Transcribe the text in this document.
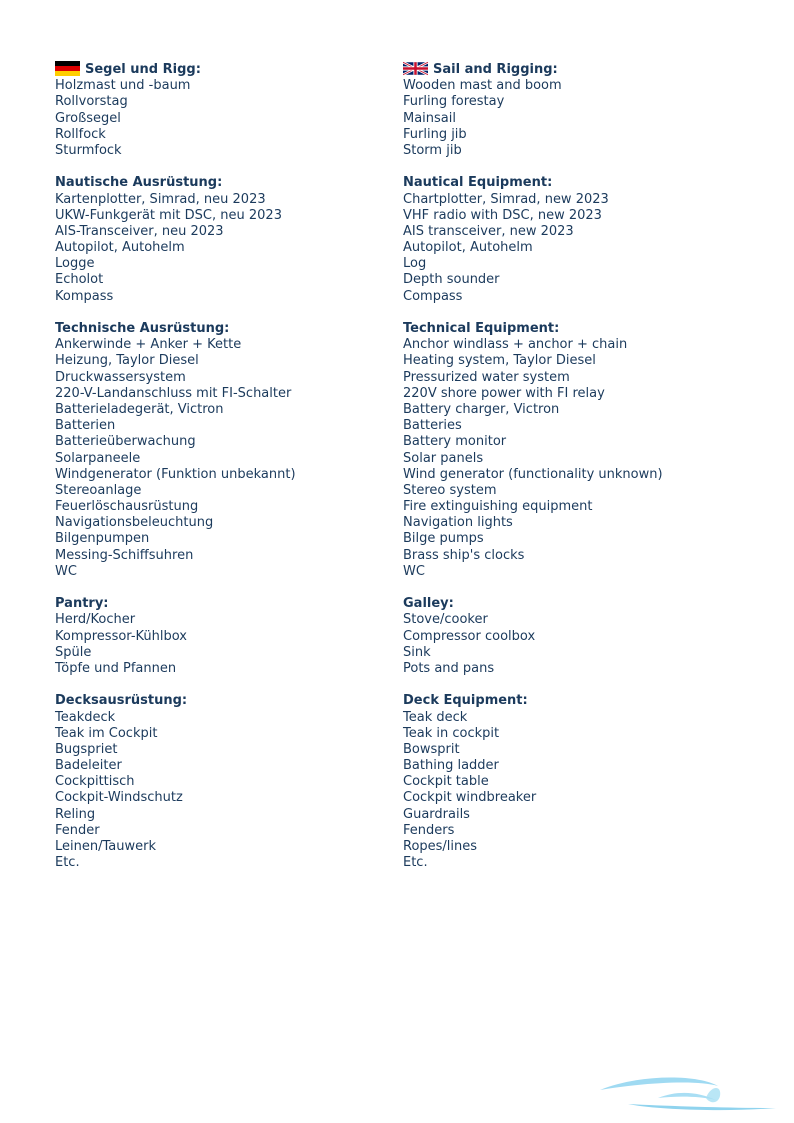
Segel und Rigg:
Holzmast und -baum
Rollvorstag
Großsegel
Rollfock
Sturmfock
Nautische Ausrüstung:
Kartenplotter, Simrad, neu 2023
UKW-Funkgerät mit DSC, neu 2023
AIS-Transceiver, neu 2023
Autopilot, Autohelm
Logge
Echolot
Kompass
Technische Ausrüstung:
Ankerwinde + Anker + Kette
Heizung, Taylor Diesel
Druckwassersystem
220-V-Landanschluss mit FI-Schalter
Batterieladegerät, Victron
Batterien
Batterieüberwachung
Solarpaneele
Windgenerator (Funktion unbekannt)
Stereoanlage
Feuerlöschausrüstung
Navigationsbeleuchtung
Bilgenpumpen
Messing-Schiffsuhren
WC
Pantry:
Herd/Kocher
Kompressor-Kühlbox
Spüle
Töpfe und Pfannen
Decksausrüstung:
Teakdeck
Teak im Cockpit
Bugspriet
Badeleiter
Cockpittisch
Cockpit-Windschutz
Reling
Fender
Leinen/Tauwerk
Etc.
Sail and Rigging:
Wooden mast and boom
Furling forestay
Mainsail
Furling jib
Storm jib
Nautical Equipment:
Chartplotter, Simrad, new 2023
VHF radio with DSC, new 2023
AIS transceiver, new 2023
Autopilot, Autohelm
Log
Depth sounder
Compass
Technical Equipment:
Anchor windlass + anchor + chain
Heating system, Taylor Diesel
Pressurized water system
220V shore power with FI relay
Battery charger, Victron
Batteries
Battery monitor
Solar panels
Wind generator (functionality unknown)
Stereo system
Fire extinguishing equipment
Navigation lights
Bilge pumps
Brass ship's clocks
WC
Galley:
Stove/cooker
Compressor coolbox
Sink
Pots and pans
Deck Equipment:
Teak deck
Teak in cockpit
Bowsprit
Bathing ladder
Cockpit table
Cockpit windbreaker
Guardrails
Fenders
Ropes/lines
Etc.
